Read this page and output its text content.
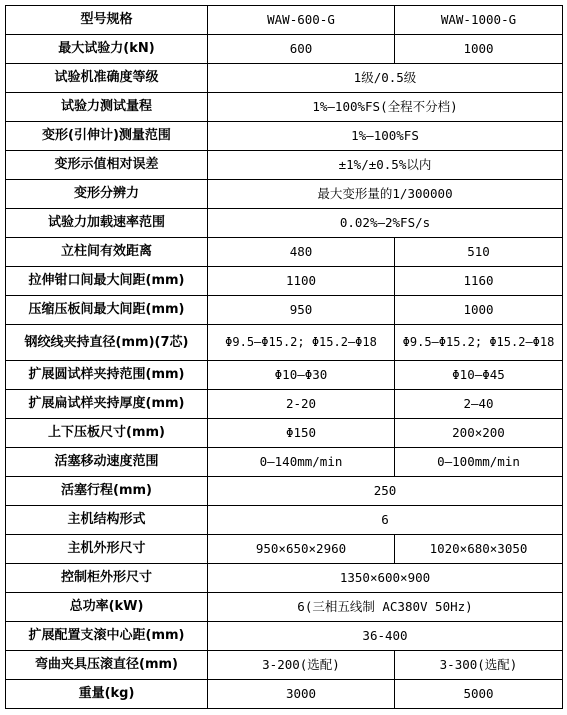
型号规格	WAW-600-G	WAW-1000-G
最大试验力(kN)	600	1000
试验机准确度等级	1级/0.5级	
试验力测试量程	1%—100%FS(全程不分档)	
变形(引伸计)测量范围	1%—100%FS	
变形示值相对误差	±1%/±0.5%以内	
变形分辨力	最大变形量的1/300000	
试验力加载速率范围	0.02%—2%FS/s	
立柱间有效距离	480	510
拉伸钳口间最大间距(mm)	1100	1160
压缩压板间最大间距(mm)	950	1000
钢绞线夹持直径(mm)(7芯)	Φ9.5—Φ15.2; Φ15.2—Φ18	Φ9.5—Φ15.2; Φ15.2—Φ18
扩展圆试样夹持范围(mm)	Φ10—Φ30	Φ10—Φ45
扩展扁试样夹持厚度(mm)	2-20	2—40
上下压板尺寸(mm)	Φ150	200×200
活塞移动速度范围	0—140mm/min	0—100mm/min
活塞行程(mm)	250	
主机结构形式	6	
主机外形尺寸	950×650×2960	1020×680×3050
控制柜外形尺寸	1350×600×900	
总功率(kW)	6(三相五线制 AC380V 50Hz)	
扩展配置支滚中心距(mm)	36-400	
弯曲夹具压滚直径(mm)	3-200(选配)	3-300(选配)
重量(kg)	3000	5000
